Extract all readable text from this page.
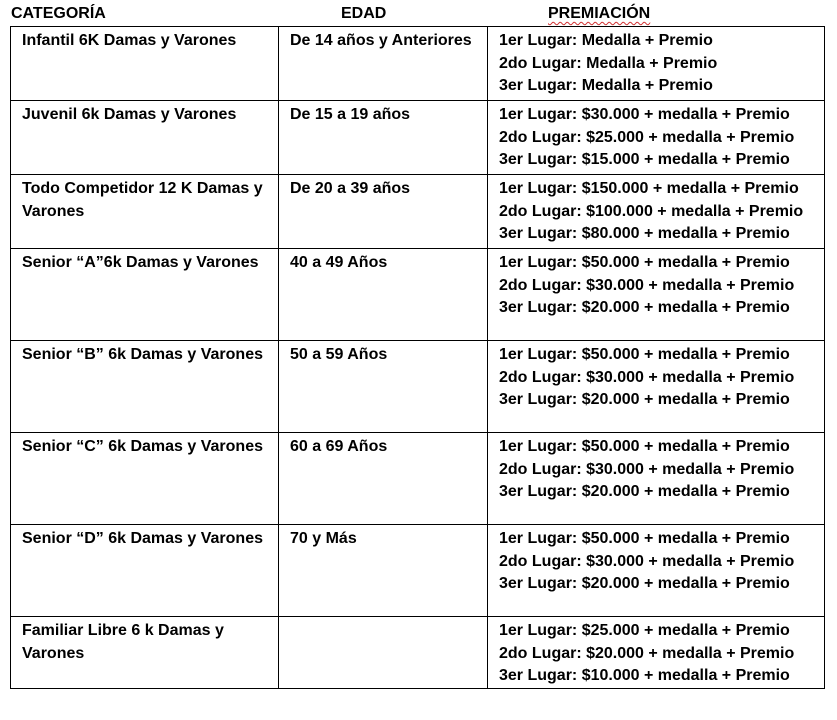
CATEGORÍA	EDAD	PREMIACIÓN
Infantil 6K Damas y Varones	De 14 años y Anteriores	1er Lugar: Medalla + Premio
2do Lugar: Medalla + Premio
3er Lugar: Medalla + Premio

Juvenil 6k Damas y Varones	De 15 a 19 años	1er Lugar: $30.000 + medalla + Premio
2do Lugar: $25.000 + medalla + Premio
3er Lugar: $15.000 + medalla + Premio

Todo Competidor 12 K Damas y Varones	De 20 a 39 años	1er Lugar: $150.000 + medalla + Premio
2do Lugar: $100.000 + medalla + Premio
3er Lugar: $80.000 + medalla + Premio

Senior “A”6k Damas y Varones	40 a 49 Años	1er Lugar: $50.000 + medalla + Premio
2do Lugar: $30.000 + medalla + Premio
3er Lugar: $20.000 + medalla + Premio

Senior “B” 6k Damas y Varones	50 a 59 Años	1er Lugar: $50.000 + medalla + Premio
2do Lugar: $30.000 + medalla + Premio
3er Lugar: $20.000 + medalla + Premio

Senior “C” 6k Damas y Varones	60 a 69 Años	1er Lugar: $50.000 + medalla + Premio
2do Lugar: $30.000 + medalla + Premio
3er Lugar: $20.000 + medalla + Premio

Senior “D” 6k Damas y Varones	70 y Más	1er Lugar: $50.000 + medalla + Premio
2do Lugar: $30.000 + medalla + Premio
3er Lugar: $20.000 + medalla + Premio

Familiar Libre 6 k Damas y Varones		1er Lugar: $25.000 + medalla + Premio
2do Lugar: $20.000 + medalla + Premio
3er Lugar: $10.000 + medalla + Premio
